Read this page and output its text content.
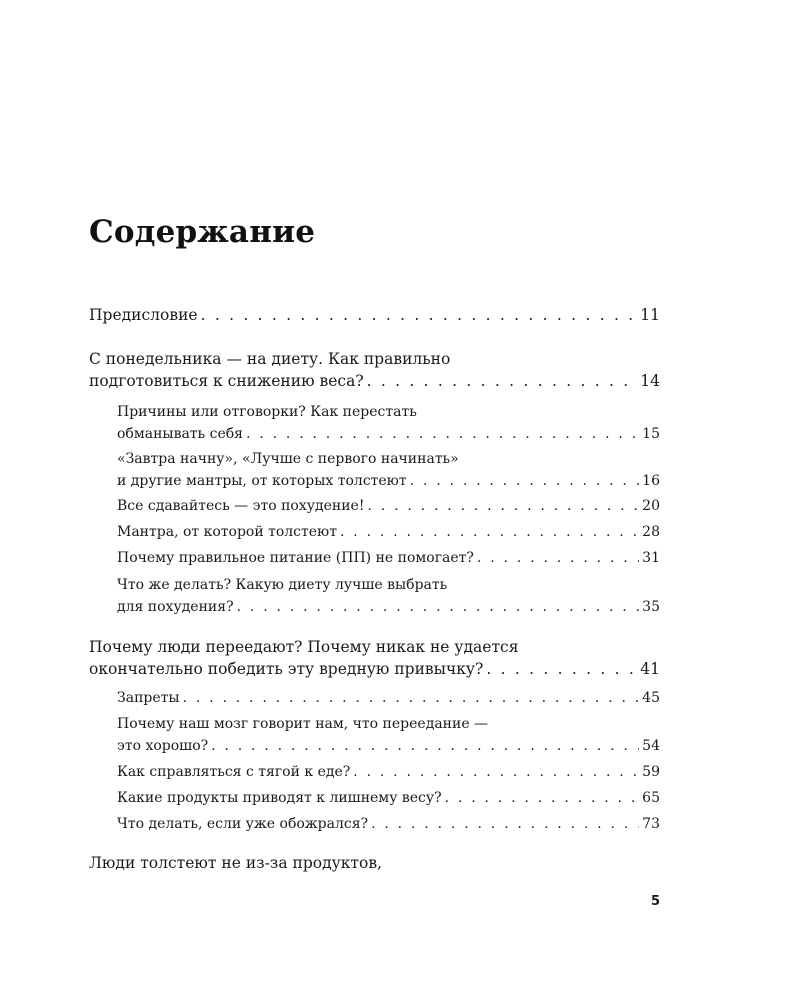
Содержание
Предисловие . . .	11
С понедельника — на диету. Как правильно
подготовиться к снижению веса? . . .	14
Причины или отговорки? Как перестать
обманывать себя . . .	15
«Завтра начну», «Лучше с первого начинать»
и другие мантры, от которых толстеют . . .	16
Все сдавайтесь — это похудение! . . .	20
Мантра, от которой толстеют . . .	28
Почему правильное питание (ПП) не помогает? . . .	31
Что же делать? Какую диету лучше выбрать
для похудения? . . .	35
Почему люди переедают? Почему никак не удается
окончательно победить эту вредную привычку? . . .	41
Запреты . . .	45
Почему наш мозг говорит нам, что переедание —
это хорошо? . . .	54
Как справляться с тягой к еде? . . .	59
Какие продукты приводят к лишнему весу? . . .	65
Что делать, если уже обожрался? . . .	73
Люди толстеют не из-за продуктов,
5
